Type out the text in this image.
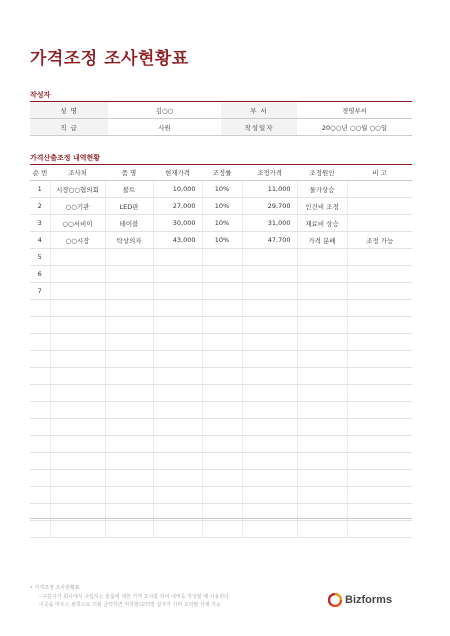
가격조정 조사현황표
작성자
성 명	김○○	부 서	경영부서
직 급	사원	작성일자	20○○년 ○○월 ○○일
가격산출조정 내역현황
순 번	조사처	품 명	현재가격	조정률	조정가격	조정원인	비 고
1	시장○○협의회	볼트	10,000	10%	11,000	물가상승	
2	○○기관	LED판	27,000	10%	29,700	인건비 조정	
3	○○서비이	테이블	30,000	10%	31,000	재료비 상승	
4	○○시장	탁상의자	43,000	10%	47,700	가격 분배	조정 가능
5							
6							
7							

• 가격조정 조사현황표
- 구분자가 회사에서 구입하는 물품에 대한 가격 조사를 하여 내역을 작성할 때 사용된다.
이곳을 마우스 왼쪽으로 더블 클릭하면 머리말/꼬리말 삽자가 가며 꼬리말 삭제 가능	Bizforms
